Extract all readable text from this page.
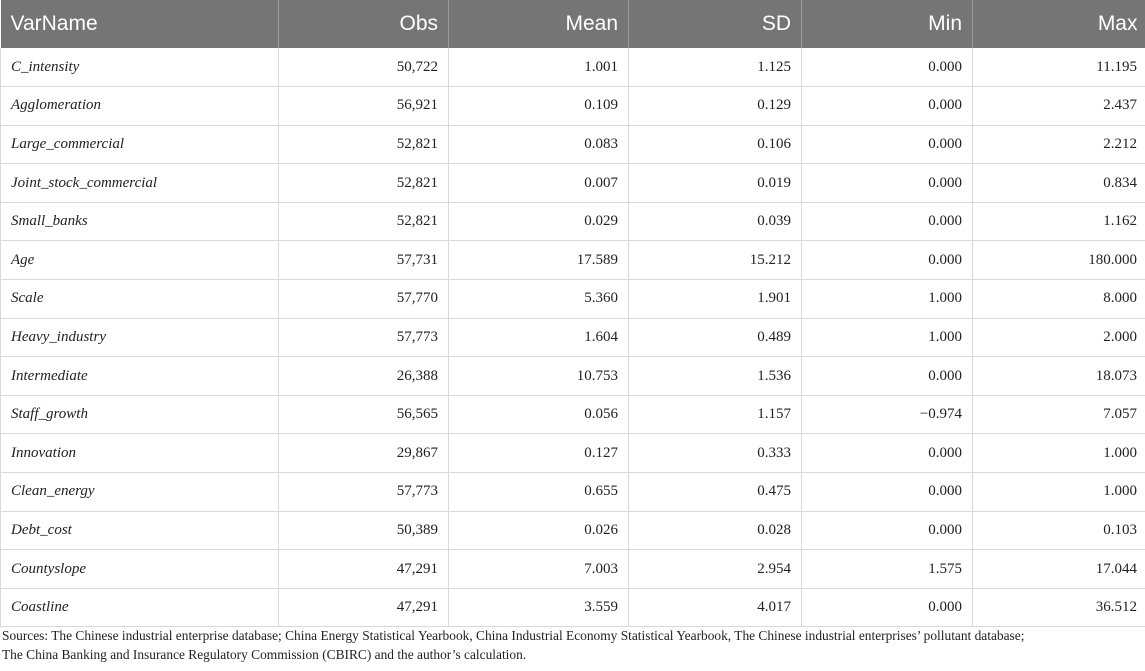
VarName	Obs	Mean	SD	Min	Max
C_intensity	50,722	1.001	1.125	0.000	11.195
Agglomeration	56,921	0.109	0.129	0.000	2.437
Large_commercial	52,821	0.083	0.106	0.000	2.212
Joint_stock_commercial	52,821	0.007	0.019	0.000	0.834
Small_banks	52,821	0.029	0.039	0.000	1.162
Age	57,731	17.589	15.212	0.000	180.000
Scale	57,770	5.360	1.901	1.000	8.000
Heavy_industry	57,773	1.604	0.489	1.000	2.000
Intermediate	26,388	10.753	1.536	0.000	18.073
Staff_growth	56,565	0.056	1.157	−0.974	7.057
Innovation	29,867	0.127	0.333	0.000	1.000
Clean_energy	57,773	0.655	0.475	0.000	1.000
Debt_cost	50,389	0.026	0.028	0.000	0.103
Countyslope	47,291	7.003	2.954	1.575	17.044
Coastline	47,291	3.559	4.017	0.000	36.512
Sources: The Chinese industrial enterprise database; China Energy Statistical Yearbook, China Industrial Economy Statistical Yearbook, The Chinese industrial enterprises’ pollutant database;
The China Banking and Insurance Regulatory Commission (CBIRC) and the author’s calculation.
